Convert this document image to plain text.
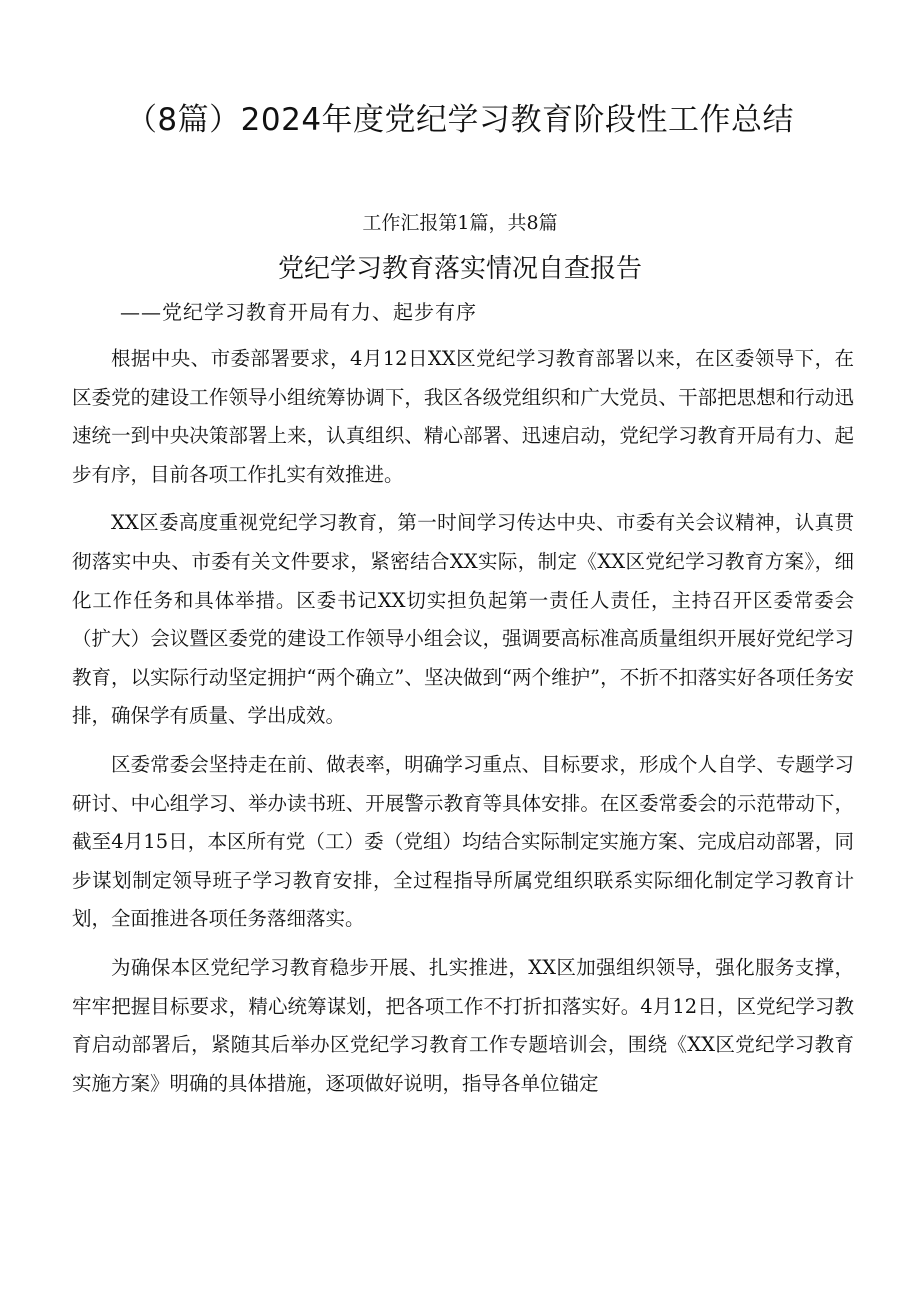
（8篇）2024年度党纪学习教育阶段性工作总结
工作汇报第1篇，共8篇
党纪学习教育落实情况自查报告
——党纪学习教育开局有力、起步有序

根据中央、市委部署要求，4月12日XX区党纪学习教育部署以来，在区委领导下，在区委党的建设工作领导小组统筹协调下，我区各级党组织和广大党员、干部把思想和行动迅速统一到中央决策部署上来，认真组织、精心部署、迅速启动，党纪学习教育开局有力、起步有序，目前各项工作扎实有效推进。

XX区委高度重视党纪学习教育，第一时间学习传达中央、市委有关会议精神，认真贯彻落实中央、市委有关文件要求，紧密结合XX实际，制定《XX区党纪学习教育方案》，细化工作任务和具体举措。区委书记XX切实担负起第一责任人责任，主持召开区委常委会（扩大）会议暨区委党的建设工作领导小组会议，强调要高标准高质量组织开展好党纪学习教育，以实际行动坚定拥护“两个确立”、坚决做到“两个维护”，不折不扣落实好各项任务安排，确保学有质量、学出成效。

区委常委会坚持走在前、做表率，明确学习重点、目标要求，形成个人自学、专题学习研讨、中心组学习、举办读书班、开展警示教育等具体安排。在区委常委会的示范带动下，截至4月15日，本区所有党（工）委（党组）均结合实际制定实施方案、完成启动部署，同步谋划制定领导班子学习教育安排，全过程指导所属党组织联系实际细化制定学习教育计划，全面推进各项任务落细落实。

为确保本区党纪学习教育稳步开展、扎实推进，XX区加强组织领导，强化服务支撑，牢牢把握目标要求，精心统筹谋划，把各项工作不打折扣落实好。4月12日，区党纪学习教育启动部署后，紧随其后举办区党纪学习教育工作专题培训会，围绕《XX区党纪学习教育实施方案》明确的具体措施，逐项做好说明，指导各单位锚定
